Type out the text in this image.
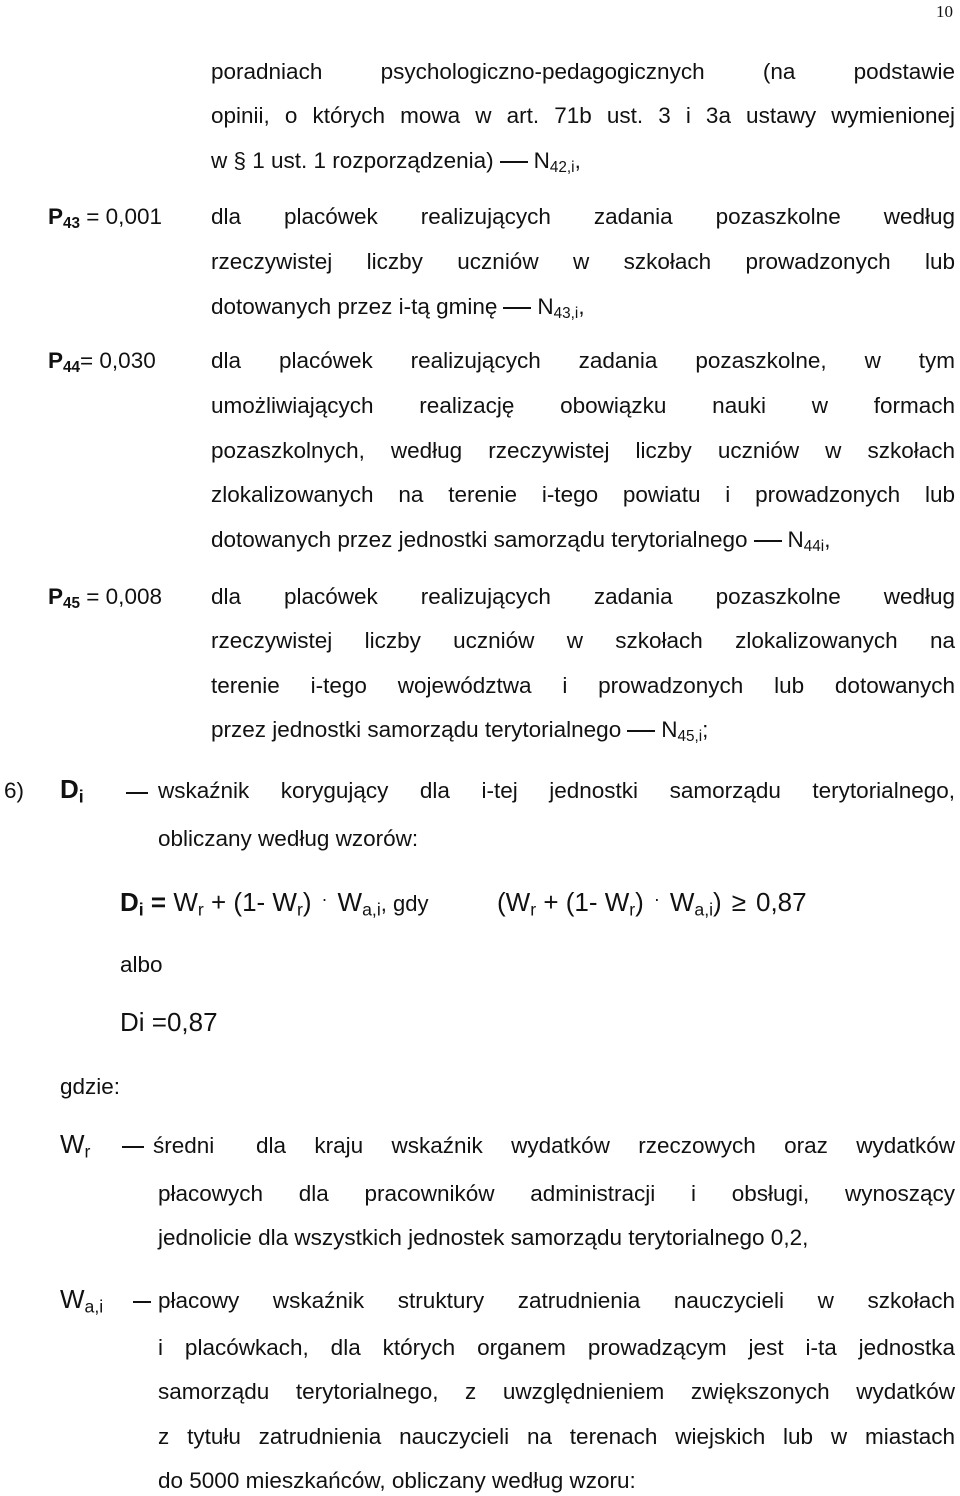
10
poradniach psychologiczno-pedagogicznych (na podstawie
opinii, o których mowa w art. 71b ust. 3 i 3a ustawy wymienionej
w § 1 ust. 1 rozporządzenia) $N_{42,i}$,
$P_{43} = 0,001$ dla placówek realizujących zadania pozaszkolne według
rzeczywistej liczby uczniów w szkołach prowadzonych lub
dotowanych przez i-tą gminę $N_{43,i}$,
$P_{44}= 0,030$ dla placówek realizujących zadania pozaszkolne, w tym
umożliwiających realizację obowiązku nauki w formach
pozaszkolnych, według rzeczywistej liczby uczniów w szkołach
zlokalizowanych na terenie i-tego powiatu i prowadzonych lub
dotowanych przez jednostki samorządu terytorialnego $N_{44i}$,
$P_{45} = 0,008$ dla placówek realizujących zadania pozaszkolne według
rzeczywistej liczby uczniów w szkołach zlokalizowanych na
terenie i-tego województwa i prowadzonych lub dotowanych
przez jednostki samorządu terytorialnego $N_{45,i}$;
6) $D_i$	wskaźnik korygujący dla i-tej jednostki samorządu terytorialnego,
obliczany według wzorów:
$D_i = W_r + (1-$ $W_r) \cdot W_{a,i}$, gdy	($W_r + (1-$ $W_r) \cdot W_{a,i}) \ge 0,87$
albo
Di =0,87
gdzie:
$W_r$	średni dla kraju wskaźnik wydatków rzeczowych oraz wydatków
płacowych dla pracowników administracji i obsługi, wynoszący
jednolicie dla wszystkich jednostek samorządu terytorialnego 0,2,
$W_{a,i}$ płacowy wskaźnik struktury zatrudnienia nauczycieli w szkołach
i placówkach, dla których organem prowadzącym jest i-ta jednostka
samorządu terytorialnego, z uwzględnieniem zwiększonych wydatków
z tytułu zatrudnienia nauczycieli na terenach wiejskich lub w miastach
do 5000 mieszkańców, obliczany według wzoru:
